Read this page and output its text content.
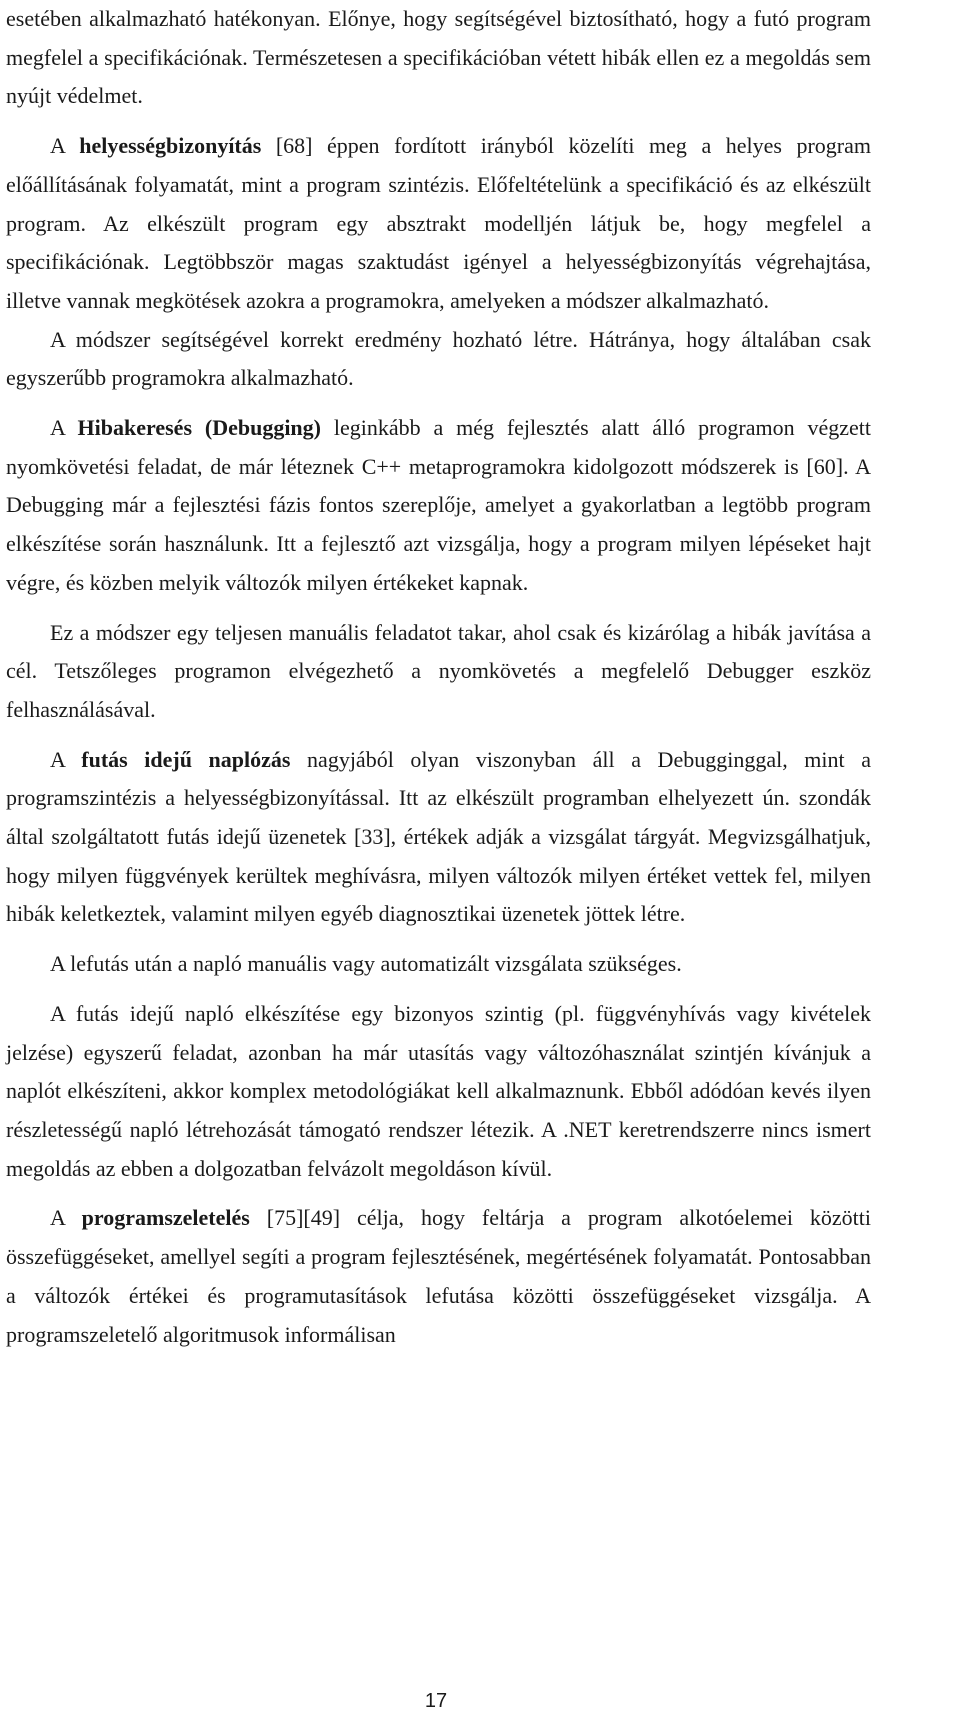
esetében alkalmazható hatékonyan. Előnye, hogy segítségével biztosítható, hogy a futó program megfelel a specifikációnak. Természetesen a specifikációban vétett hibák ellen ez a megoldás sem nyújt védelmet.

A helyességbizonyítás [68] éppen fordított irányból közelíti meg a helyes program előállításának folyamatát, mint a program szintézis. Előfeltételünk a specifikáció és az elkészült program. Az elkészült program egy absztrakt modelljén látjuk be, hogy megfelel a specifikációnak. Legtöbbször magas szaktudást igényel a helyességbizonyítás végrehajtása, illetve vannak megkötések azokra a programokra, amelyeken a módszer alkalmazható.

A módszer segítségével korrekt eredmény hozható létre. Hátránya, hogy általában csak egyszerűbb programokra alkalmazható.

A Hibakeresés (Debugging) leginkább a még fejlesztés alatt álló programon végzett nyomkövetési feladat, de már léteznek C++ metaprogramokra kidolgozott módszerek is [60]. A Debugging már a fejlesztési fázis fontos szereplője, amelyet a gyakorlatban a legtöbb program elkészítése során használunk. Itt a fejlesztő azt vizsgálja, hogy a program milyen lépéseket hajt végre, és közben melyik változók milyen értékeket kapnak.

Ez a módszer egy teljesen manuális feladatot takar, ahol csak és kizárólag a hibák javítása a cél. Tetszőleges programon elvégezhető a nyomkövetés a megfelelő Debugger eszköz felhasználásával.

A futás idejű naplózás nagyjából olyan viszonyban áll a Debugginggal, mint a programszintézis a helyességbizonyítással. Itt az elkészült programban elhelyezett ún. szondák által szolgáltatott futás idejű üzenetek [33], értékek adják a vizsgálat tárgyát. Megvizsgálhatjuk, hogy milyen függvények kerültek meghívásra, milyen változók milyen értéket vettek fel, milyen hibák keletkeztek, valamint milyen egyéb diagnosztikai üzenetek jöttek létre.

A lefutás után a napló manuális vagy automatizált vizsgálata szükséges.

A futás idejű napló elkészítése egy bizonyos szintig (pl. függvényhívás vagy kivételek jelzése) egyszerű feladat, azonban ha már utasítás vagy változóhasználat szintjén kívánjuk a naplót elkészíteni, akkor komplex metodológiákat kell alkalmaznunk. Ebből adódóan kevés ilyen részletességű napló létrehozását támogató rendszer létezik. A .NET keretrendszerre nincs ismert megoldás az ebben a dolgozatban felvázolt megoldáson kívül.

A programszeletelés [75][49] célja, hogy feltárja a program alkotóelemei közötti összefüggéseket, amellyel segíti a program fejlesztésének, megértésének folyamatát. Pontosabban a változók értékei és programutasítások lefutása közötti összefüggéseket vizsgálja. A programszeletelő algoritmusok informálisan

17
